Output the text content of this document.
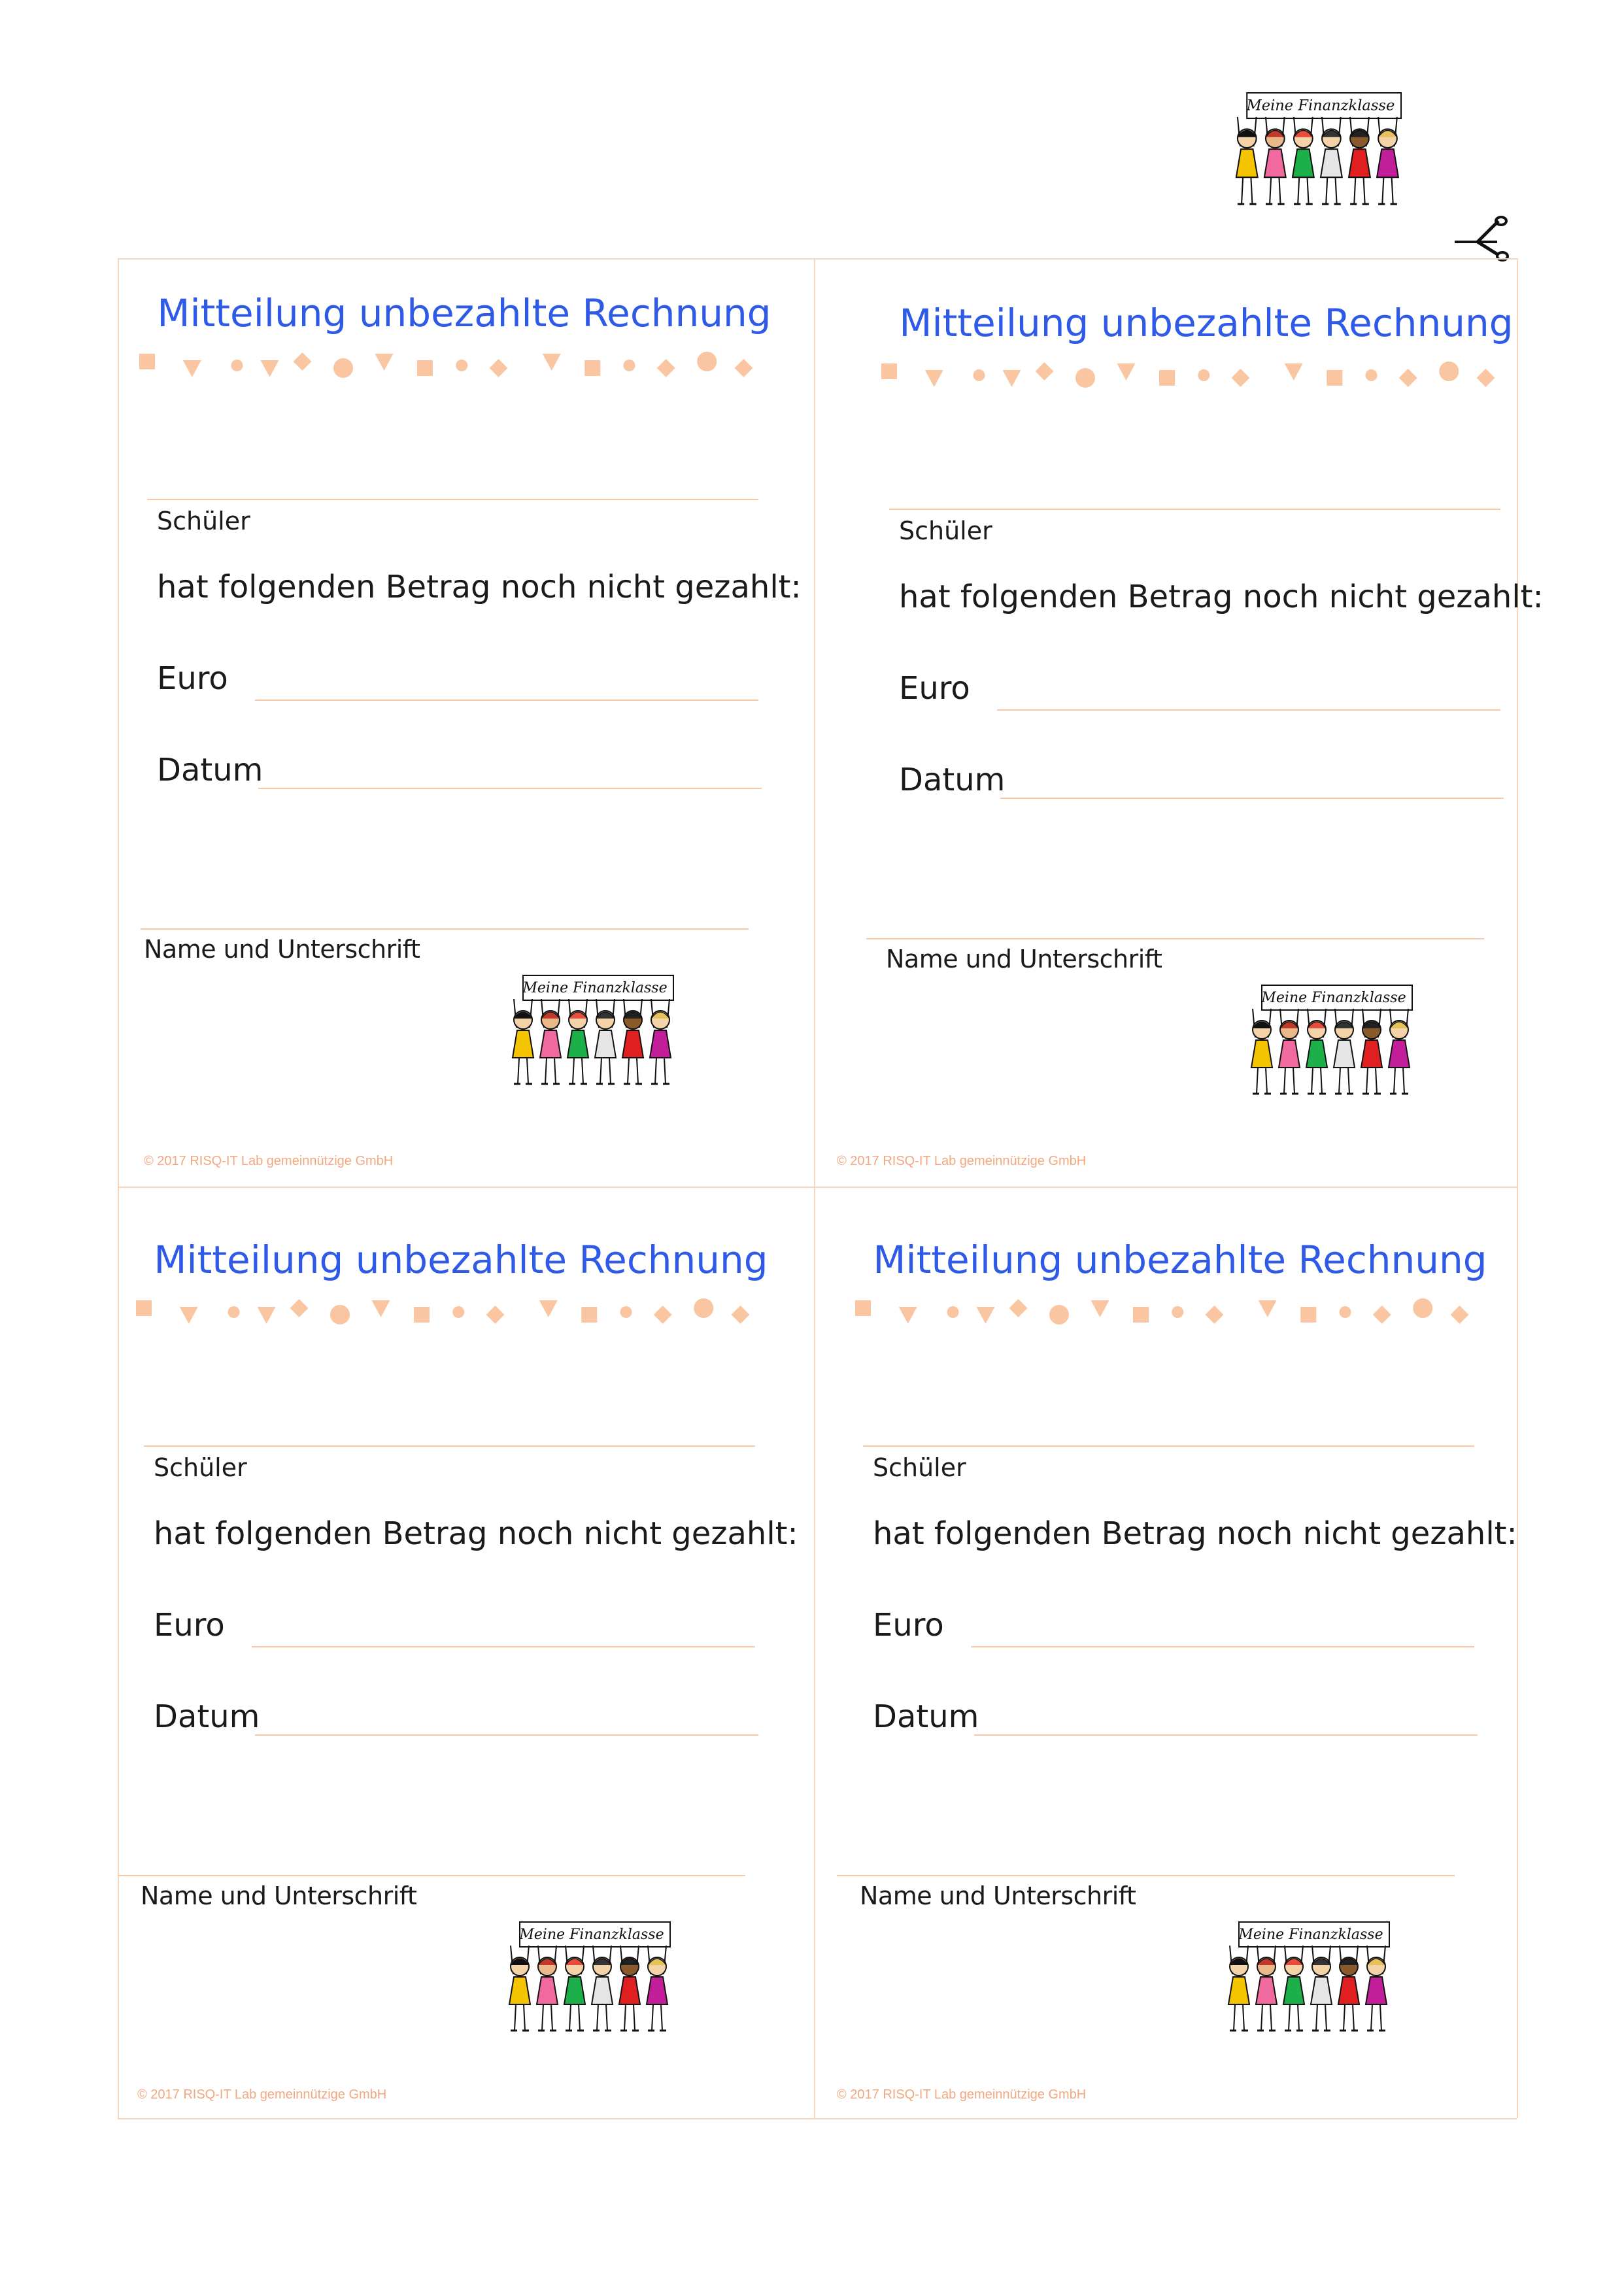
Meine Finanzklasse
Mitteilung unbezahlte Rechnung
Schüler
hat folgenden Betrag noch nicht gezahlt:
Euro
Datum
Name und Unterschrift
Meine Finanzklasse
© 2017 RISQ-IT Lab gemeinnützige GmbH
Mitteilung unbezahlte Rechnung
Schüler
hat folgenden Betrag noch nicht gezahlt:
Euro
Datum
Name und Unterschrift
Meine Finanzklasse
© 2017 RISQ-IT Lab gemeinnützige GmbH
Mitteilung unbezahlte Rechnung
Schüler
hat folgenden Betrag noch nicht gezahlt:
Euro
Datum
Name und Unterschrift
Meine Finanzklasse
© 2017 RISQ-IT Lab gemeinnützige GmbH
Mitteilung unbezahlte Rechnung
Schüler
hat folgenden Betrag noch nicht gezahlt:
Euro
Datum
Name und Unterschrift
Meine Finanzklasse
© 2017 RISQ-IT Lab gemeinnützige GmbH
